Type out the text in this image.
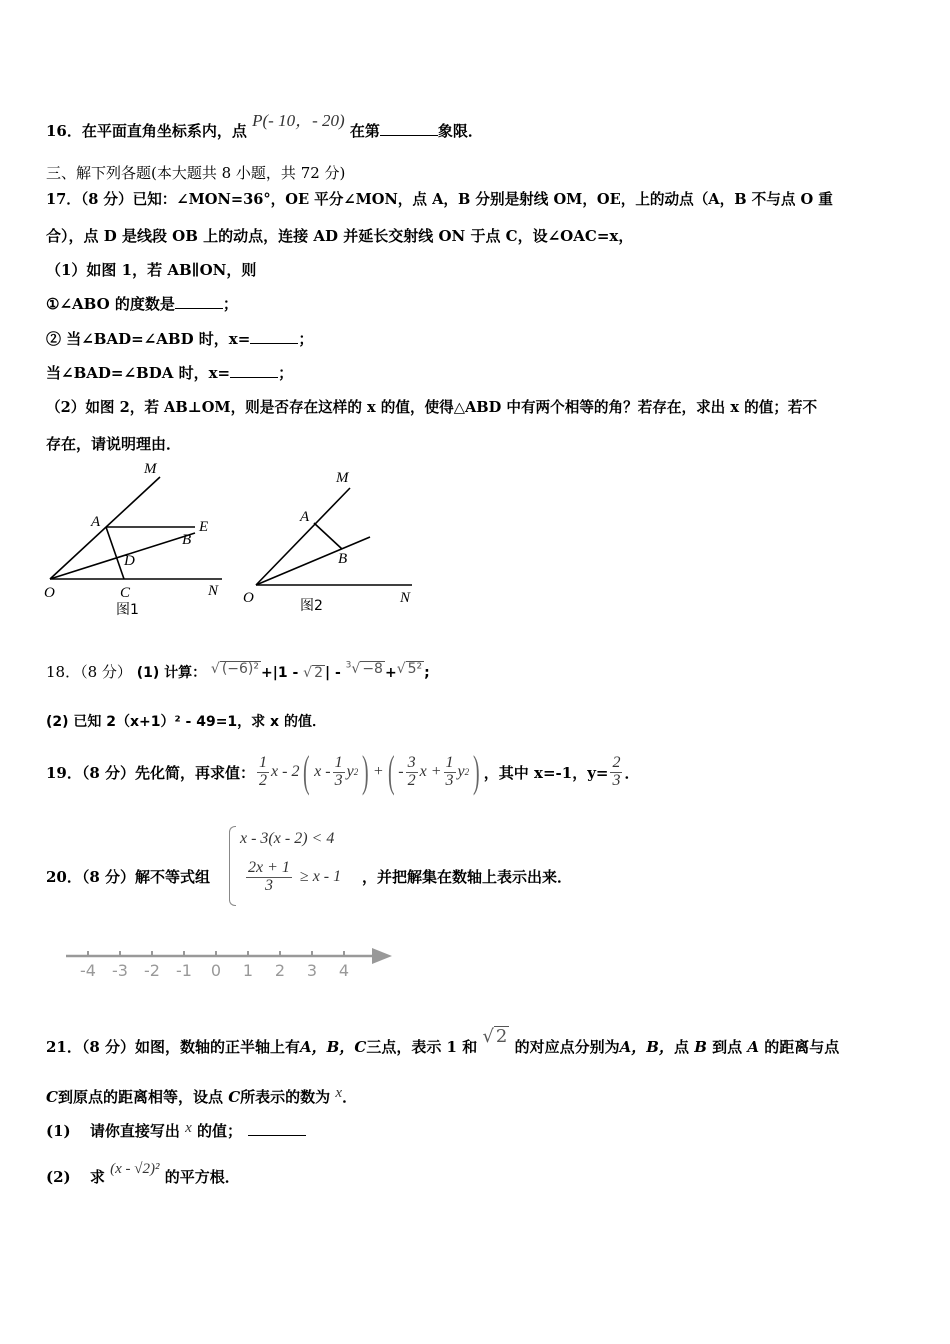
16．在平面直角坐标系内，点 P(- 10，- 20) 在第	象限．
三、解下列各题(本大题共 8 小题，共 72 分)
17．（8 分）已知：∠MON=36°，OE 平分∠MON，点 A，B 分别是射线 OM，OE，上的动点（A，B 不与点 O 重
合），点 D 是线段 OB 上的动点，连接 AD 并延长交射线 ON 于点 C，设∠OAC=x，
（1）如图 1，若 AB∥ON，则
①∠ABO 的度数是	；
② 当∠BAD=∠ABD 时，x=	；
当∠BAD=∠BDA 时，x=	；
（2）如图 2，若 AB⊥OM，则是否存在这样的 x 的值，使得△ABD 中有两个相等的角？若存在，求出 x 的值；若不
存在，请说明理由．
M
A	E
B
D
O	C	N
图1
M
A
B
O	N
图2
18．（8 分） (1) 计算： √ (−6)² +|1 - √ 2 | - $^3$√ −8 +√ 5² ;
(2) 已知 2（x+1）² - 49=1，求 x 的值．
19．（8 分）先化简，再求值： $\frac{1}{2}$ x - 2 ( x - $\frac{1}{3}$ y 2 ) + ( - $\frac{3}{2}$ $x + \frac{1}{3}$ y 2 ) ，其中 x=-1，$y= \frac{2}{3}$ ．
20．（8 分）解不等式组
x - 3(x - 2) < 4
$\frac{2x + 1}{3} \ge x - 1$ ，并把解集在数轴上表示出来．
-4 -3 -2 -1 0 1 2 3 4
21．（8 分）如图，数轴的正半轴上有A，B，C三点，表示 1 和 √ 2 的对应点分别为A，B，点 B 到点 A 的距离与点
C到原点的距离相等，设点 C所表示的数为 x．
(1) 请你直接写出 x 的值；
(2) 求 (x - √2)² 的平方根．
